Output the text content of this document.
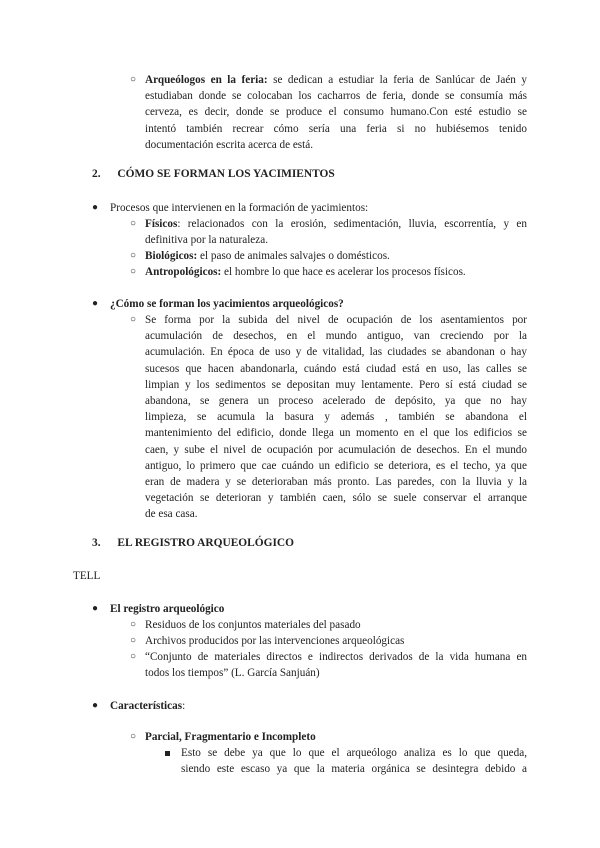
○ Arqueólogos en la feria: se dedican a estudiar la feria de Sanlúcar de Jaén y
estudiaban donde se colocaban los cacharros de feria, donde se consumía más
cerveza, es decir, donde se produce el consumo humano.Con esté estudio se
intentó también recrear cómo sería una feria si no hubiésemos tenido
documentación escrita acerca de está.
2. CÓMO SE FORMAN LOS YACIMIENTOS
● Procesos que intervienen en la formación de yacimientos:
○ Físicos: relacionados con la erosión, sedimentación, lluvia, escorrentía, y en
definitiva por la naturaleza.
○ Biológicos: el paso de animales salvajes o domésticos.
○ Antropológicos: el hombre lo que hace es acelerar los procesos físicos.
● ¿Cómo se forman los yacimientos arqueológicos?
○ Se forma por la subida del nivel de ocupación de los asentamientos por
acumulación de desechos, en el mundo antiguo, van creciendo por la
acumulación. En época de uso y de vitalidad, las ciudades se abandonan o hay
sucesos que hacen abandonarla, cuándo está ciudad está en uso, las calles se
limpian y los sedimentos se depositan muy lentamente. Pero sí está ciudad se
abandona, se genera un proceso acelerado de depósito, ya que no hay
limpieza, se acumula la basura y además , también se abandona el
mantenimiento del edificio, donde llega un momento en el que los edificios se
caen, y sube el nivel de ocupación por acumulación de desechos. En el mundo
antiguo, lo primero que cae cuándo un edificio se deteriora, es el techo, ya que
eran de madera y se deterioraban más pronto. Las paredes, con la lluvia y la
vegetación se deterioran y también caen, sólo se suele conservar el arranque
de esa casa.
3. EL REGISTRO ARQUEOLÓGICO
TELL
● El registro arqueológico
○ Residuos de los conjuntos materiales del pasado
○ Archivos producidos por las intervenciones arqueológicas
○ “Conjunto de materiales directos e indirectos derivados de la vida humana en
todos los tiempos” (L. García Sanjuán)
● Características:
○ Parcial, Fragmentario e Incompleto
Esto se debe ya que lo que el arqueólogo analiza es lo que queda,
siendo este escaso ya que la materia orgánica se desintegra debido a
